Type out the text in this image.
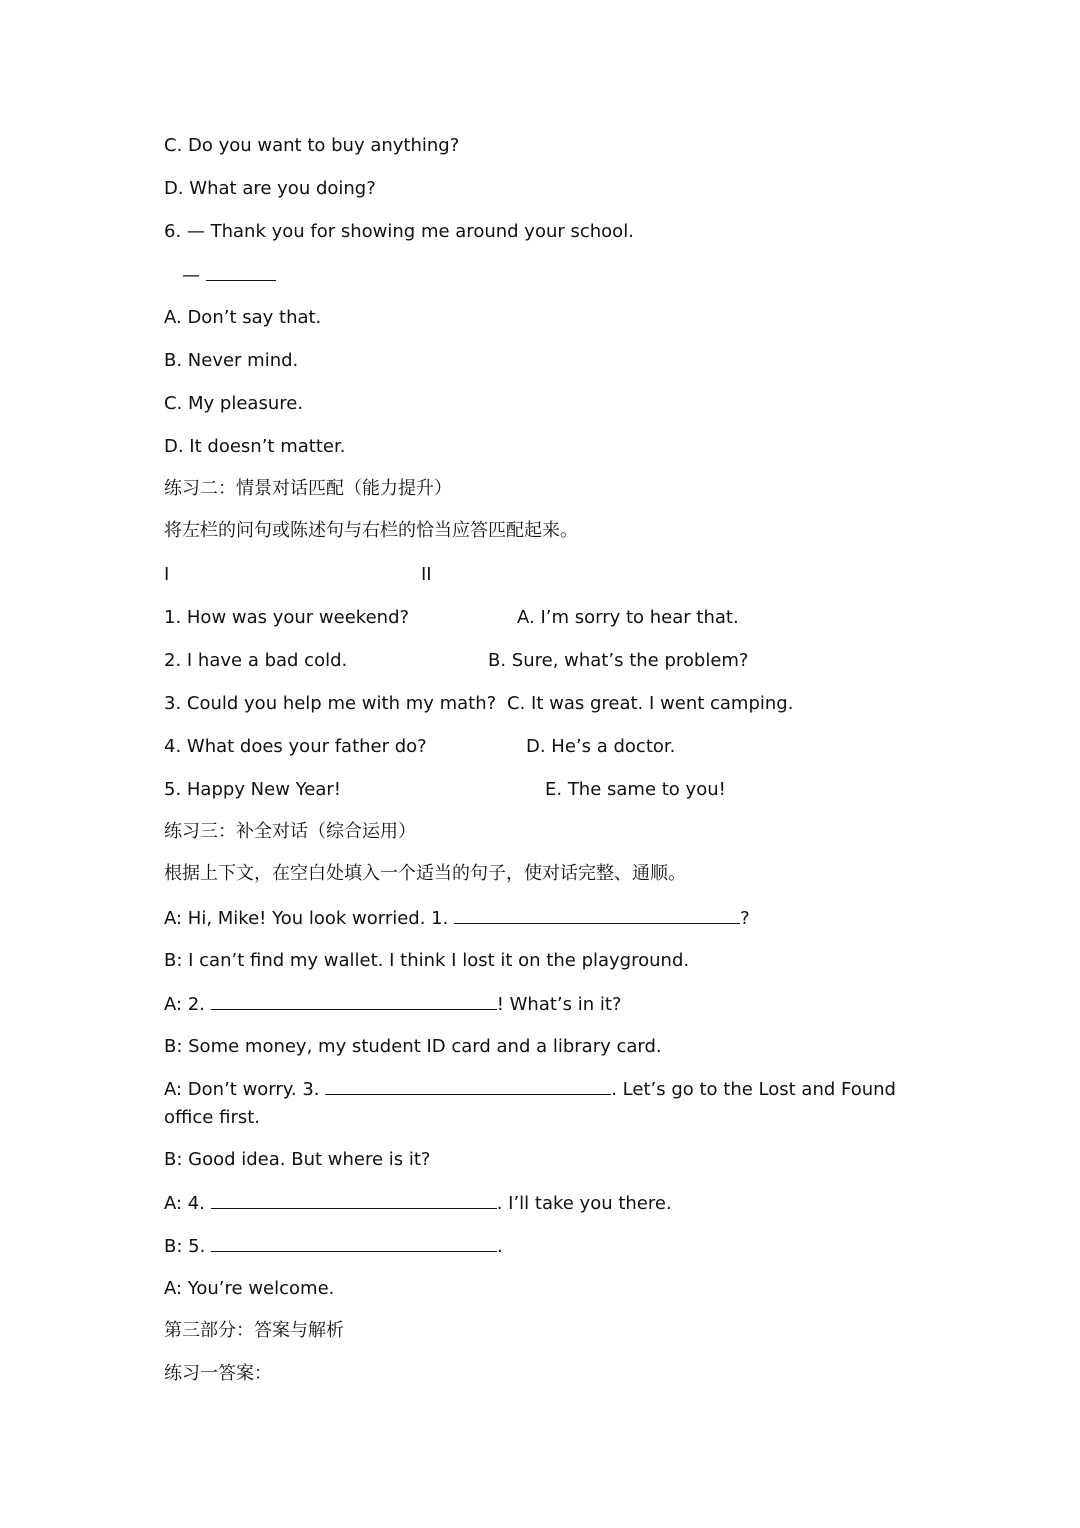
C. Do you want to buy anything?
D. What are you doing?
6. — Thank you for showing me around your school.
—
A. Don’t say that.
B. Never mind.
C. My pleasure.
D. It doesn’t matter.
练习二：情景对话匹配（能力提升）
将左栏的问句或陈述句与右栏的恰当应答匹配起来。
I	II
1. How was your weekend?	A. I’m sorry to hear that.
2. I have a bad cold.	B. Sure, what’s the problem?
3. Could you help me with my math? C. It was great. I went camping.
4. What does your father do?	D. He’s a doctor.
5. Happy New Year!	E. The same to you!
练习三：补全对话（综合运用）
根据上下文，在空白处填入一个适当的句子，使对话完整、通顺。
A: Hi, Mike! You look worried. 1.	?
B: I can’t find my wallet. I think I lost it on the playground.
A: 2.	! What’s in it?
B: Some money, my student ID card and a library card.
A: Don’t worry. 3.	. Let’s go to the Lost and Found office first.
B: Good idea. But where is it?
A: 4.	. I’ll take you there.
B: 5.	.
A: You’re welcome.
第三部分：答案与解析
练习一答案：
